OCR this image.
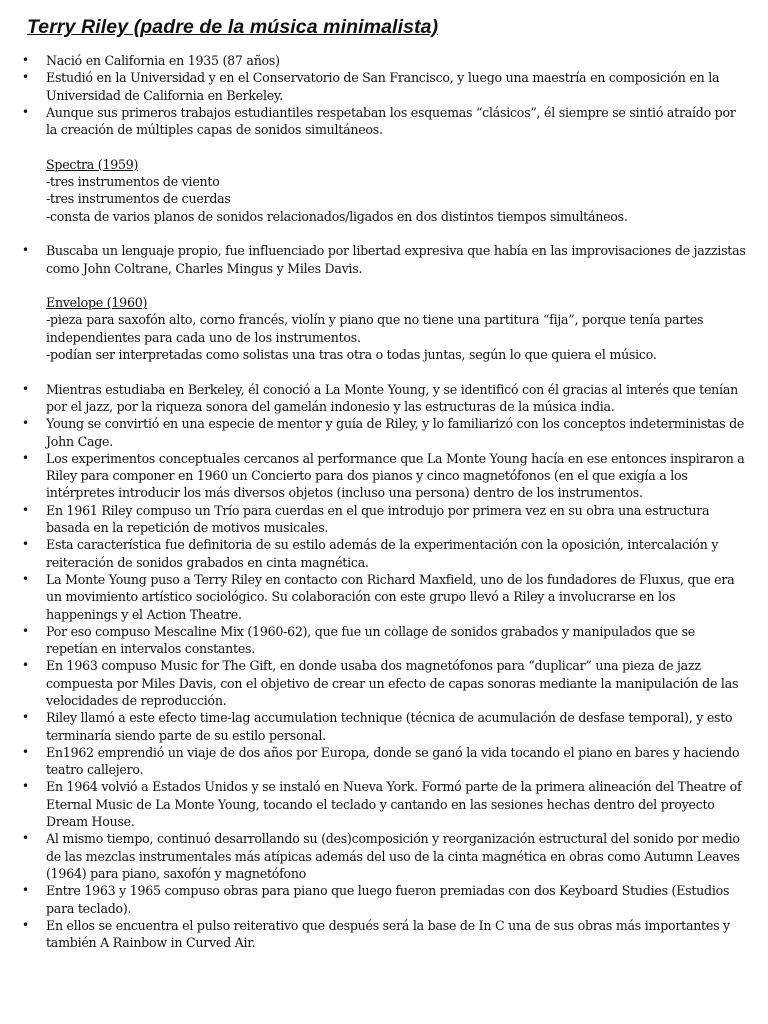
Terry Riley (padre de la música minimalista)
• Nació en California en 1935 (87 años)
• Estudió en la Universidad y en el Conservatorio de San Francisco, y luego una maestría en composición en la Universidad de California en Berkeley.
• Aunque sus primeros trabajos estudiantiles respetaban los esquemas “clásicos”, él siempre se sintió atraído por la creación de múltiples capas de sonidos simultáneos.
Spectra (1959)
-tres instrumentos de viento
-tres instrumentos de cuerdas
-consta de varios planos de sonidos relacionados/ligados en dos distintos tiempos simultáneos.
• Buscaba un lenguaje propio, fue influenciado por libertad expresiva que había en las improvisaciones de jazzistas como John Coltrane, Charles Mingus y Miles Davis.
Envelope (1960)
-pieza para saxofón alto, corno francés, violín y piano que no tiene una partitura “fija”, porque tenía partes independientes para cada uno de los instrumentos.
-podían ser interpretadas como solistas una tras otra o todas juntas, según lo que quiera el músico.
• Mientras estudiaba en Berkeley, él conoció a La Monte Young, y se identificó con él gracias al interés que tenían por el jazz, por la riqueza sonora del gamelán indonesio y las estructuras de la música india.
• Young se convirtió en una especie de mentor y guía de Riley, y lo familiarizó con los conceptos indeterministas de John Cage.
• Los experimentos conceptuales cercanos al performance que La Monte Young hacía en ese entonces inspiraron a Riley para componer en 1960 un Concierto para dos pianos y cinco magnetófonos (en el que exigía a los intérpretes introducir los más diversos objetos (incluso una persona) dentro de los instrumentos.
• En 1961 Riley compuso un Trío para cuerdas en el que introdujo por primera vez en su obra una estructura basada en la repetición de motivos musicales.
• Esta característica fue definitoria de su estilo además de la experimentación con la oposición, intercalación y reiteración de sonidos grabados en cinta magnética.
• La Monte Young puso a Terry Riley en contacto con Richard Maxfield, uno de los fundadores de Fluxus, que era un movimiento artístico sociológico. Su colaboración con este grupo llevó a Riley a involucrarse en los happenings y el Action Theatre.
• Por eso compuso Mescaline Mix (1960-62), que fue un collage de sonidos grabados y manipulados que se repetían en intervalos constantes.
• En 1963 compuso Music for The Gift, en donde usaba dos magnetófonos para “duplicar” una pieza de jazz compuesta por Miles Davis, con el objetivo de crear un efecto de capas sonoras mediante la manipulación de las velocidades de reproducción.
• Riley llamó a este efecto time-lag accumulation technique (técnica de acumulación de desfase temporal), y esto terminaría siendo parte de su estilo personal.
• En1962 emprendió un viaje de dos años por Europa, donde se ganó la vida tocando el piano en bares y haciendo teatro callejero.
• En 1964 volvió a Estados Unidos y se instaló en Nueva York. Formó parte de la primera alineación del Theatre of Eternal Music de La Monte Young, tocando el teclado y cantando en las sesiones hechas dentro del proyecto Dream House.
• Al mismo tiempo, continuó desarrollando su (des)composición y reorganización estructural del sonido por medio de las mezclas instrumentales más atípicas además del uso de la cinta magnética en obras como Autumn Leaves (1964) para piano, saxofón y magnetófono
• Entre 1963 y 1965 compuso obras para piano que luego fueron premiadas con dos Keyboard Studies (Estudios para teclado).
• En ellos se encuentra el pulso reiterativo que después será la base de In C una de sus obras más importantes y también A Rainbow in Curved Air.
